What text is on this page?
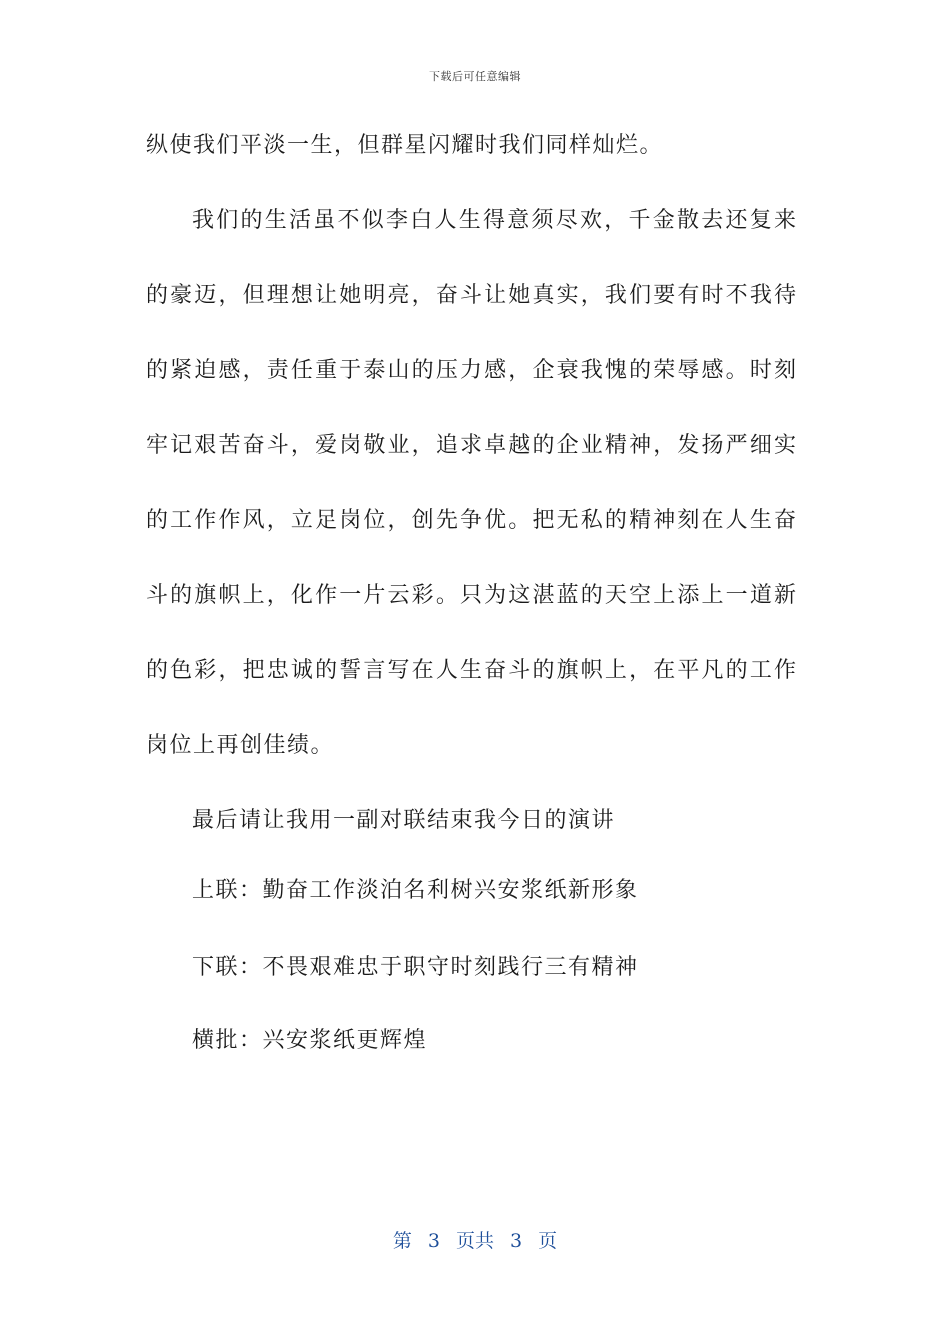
下载后可任意编辑
纵使我们平淡一生，但群星闪耀时我们同样灿烂。
我们的生活虽不似李白人生得意须尽欢，千金散去还复来
的豪迈，但理想让她明亮，奋斗让她真实，我们要有时不我待
的紧迫感，责任重于泰山的压力感，企衰我愧的荣辱感。时刻
牢记艰苦奋斗，爱岗敬业，追求卓越的企业精神，发扬严细实
的工作作风，立足岗位，创先争优。把无私的精神刻在人生奋
斗的旗帜上，化作一片云彩。只为这湛蓝的天空上添上一道新
的色彩，把忠诚的誓言写在人生奋斗的旗帜上，在平凡的工作
岗位上再创佳绩。
最后请让我用一副对联结束我今日的演讲
上联：勤奋工作淡泊名利树兴安浆纸新形象
下联：不畏艰难忠于职守时刻践行三有精神
横批：兴安浆纸更辉煌
第 3 页共 3 页
